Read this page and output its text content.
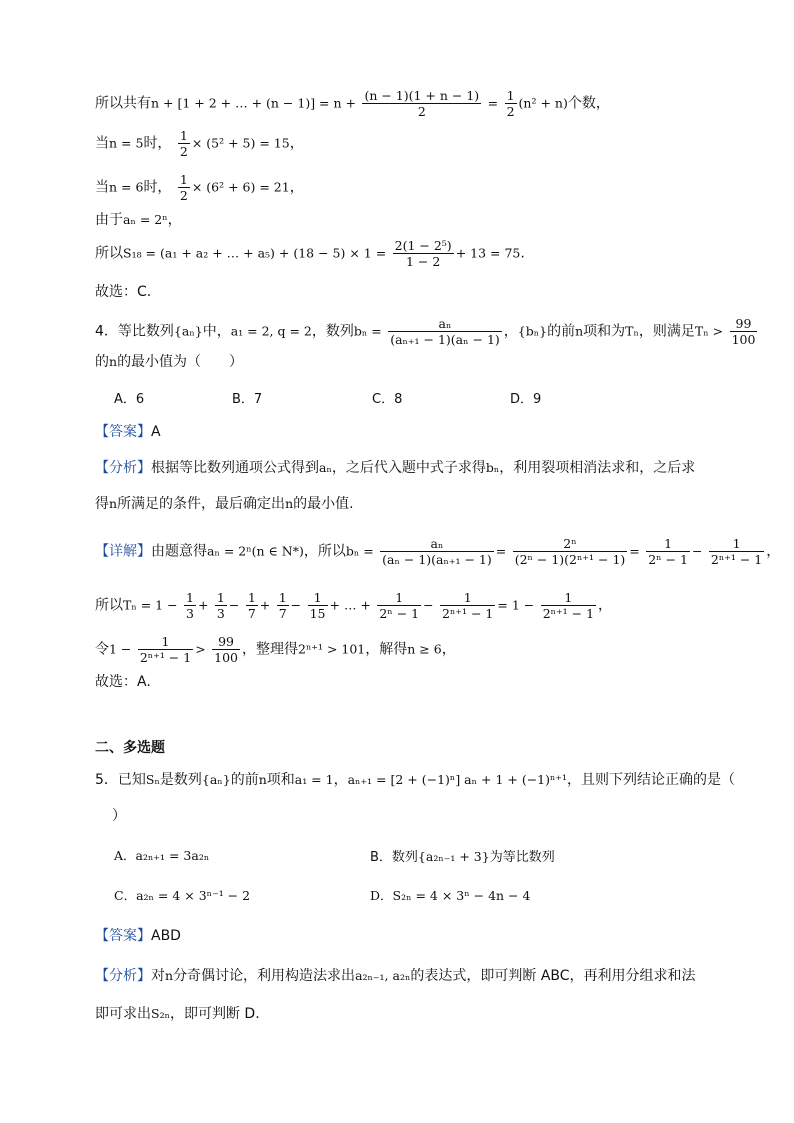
所以共有n + [1 + 2 + … + $(n - 1)] = n + \frac{(n - 1)(1 + n - 1)}{2} = \frac{1}{2} (n^2 + n)$个数，
当n = 5时， $\frac{1}{2} \times (5^2 + 5) = 15$，
当n = 6时， $\frac{1}{2} \times (6^2 + 6) = 21$，
由于aₙ = 2ⁿ，
所以S₁₈ = (a₁ + a₂ + … + $a_5) + (18 - 5) \times 1 = \frac{\text{2(1 − 2⁵)}}{1 - 2} + 13 = 75$.
故选：C.
4．等比数列{aₙ}中，a₁ = 2, q = 2，数列$b_n = \frac{\text{aₙ}}{\text{(aₙ₊₁ − 1)(aₙ − 1)}}$ ，{bₙ}的前n项和为Tₙ，则满足$T_n > \frac{99}{100}$
的n的最小值为（　　）
A．6	B．7	C．8	D．9
【答案】A
【分析】根据等比数列通项公式得到aₙ，之后代入题中式子求得bₙ，利用裂项相消法求和，之后求
得n所满足的条件，最后确定出n的最小值.
【详解】由题意得aₙ = 2ⁿ(n ∈ N*)，所以$b_n = \frac{\text{aₙ}}{\text{(aₙ − 1)(aₙ₊₁ − 1)}} = \frac{\text{2ⁿ}}{\text{(2ⁿ − 1)(2ⁿ⁺¹ − 1)}} = \frac{1}{\text{2ⁿ − 1}} - \frac{1}{\text{2ⁿ⁺¹ − 1}}$ ，
所以$T_n = 1 - \frac{1}{3} + \frac{1}{3} - \frac{1}{7} + \frac{1}{7} - \frac{1}{15}$ + … + $\frac{1}{\text{2ⁿ − 1}} - \frac{1}{\text{2ⁿ⁺¹ − 1}} = 1 - \frac{1}{\text{2ⁿ⁺¹ − 1}}$ ，
令$1 - \frac{1}{\text{2ⁿ⁺¹ − 1}} > \frac{99}{100}$ ，整理得2ⁿ⁺¹ > 101，解得n ≥ 6，
故选：A.
二、多选题
5．已知Sₙ是数列{aₙ}的前n项和a₁ = 1，aₙ₊₁ = [2 + (−1)ⁿ] aₙ + 1 + (−1)ⁿ⁺¹，且则下列结论正确的是（
）
A．a₂ₙ₊₁ = 3a₂ₙ	B．数列{a₂ₙ₋₁ + 3}为等比数列
C．a₂ₙ = 4 × 3ⁿ⁻¹ − 2	D．S₂ₙ = 4 × 3ⁿ − 4n − 4
【答案】ABD
【分析】对n分奇偶讨论，利用构造法求出a₂ₙ₋₁, a₂ₙ的表达式，即可判断 ABC，再利用分组求和法
即可求出S₂ₙ，即可判断 D.
